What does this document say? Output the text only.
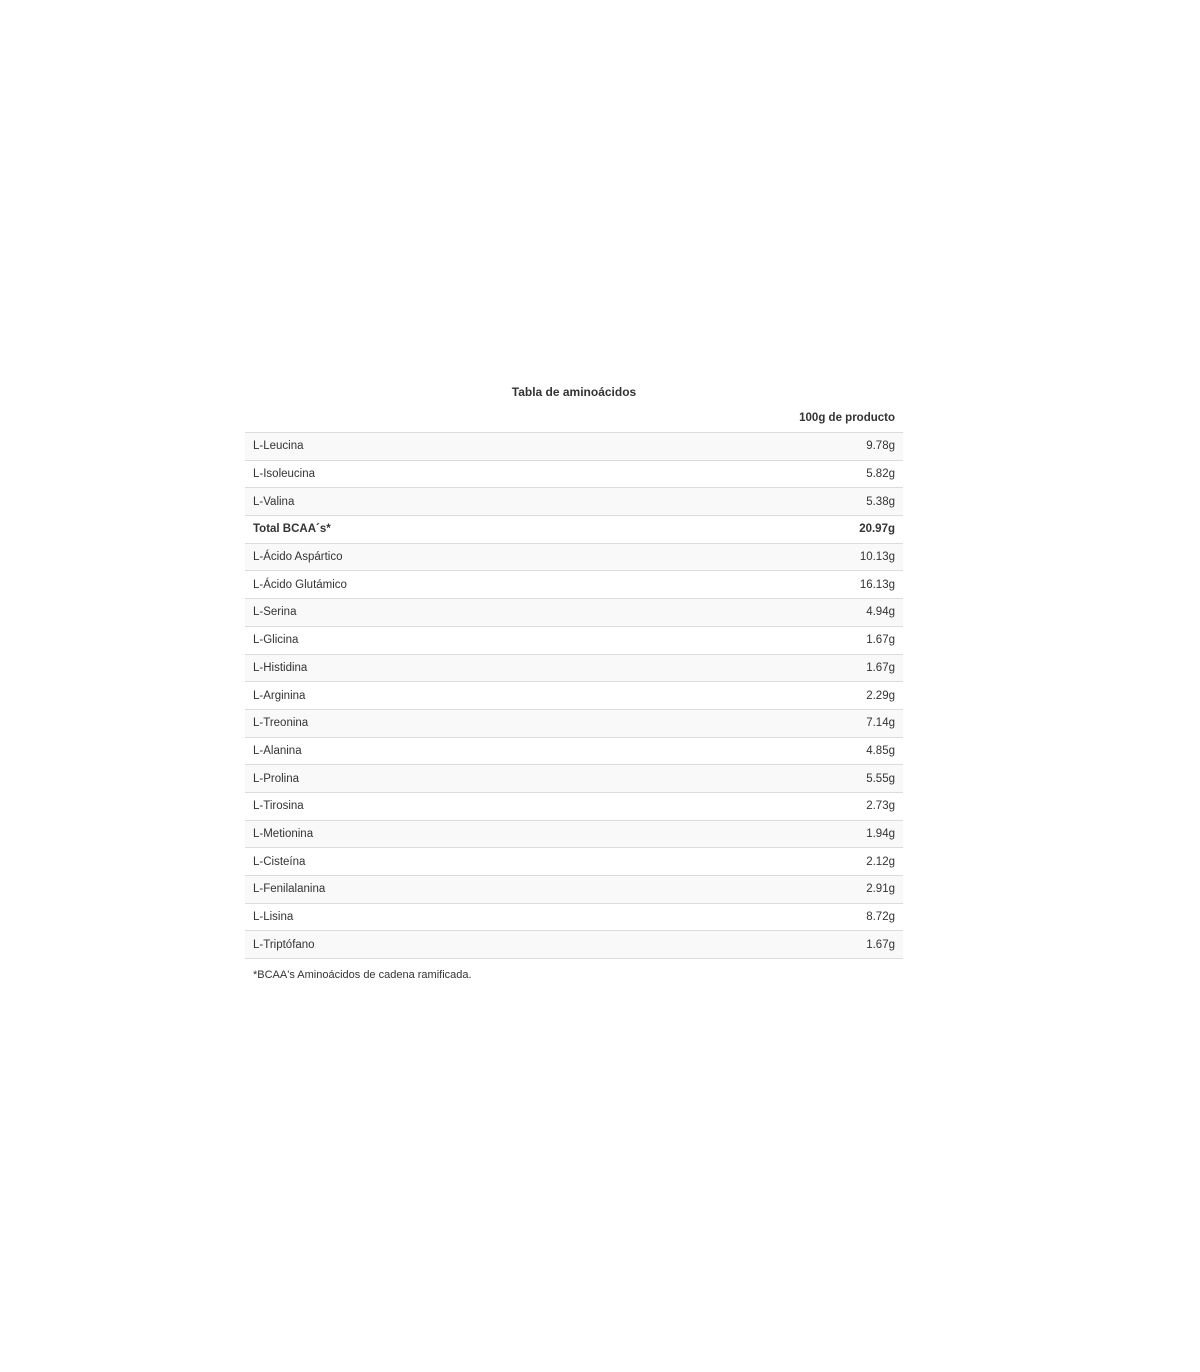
Tabla de aminoácidos
100g de producto
L-Leucina	9.78g
L-Isoleucina	5.82g
L-Valina	5.38g
Total BCAA´s*	20.97g
L-Ácido Aspártico	10.13g
L-Ácido Glutámico	16.13g
L-Serina	4.94g
L-Glicina	1.67g
L-Histidina	1.67g
L-Arginina	2.29g
L-Treonina	7.14g
L-Alanina	4.85g
L-Prolina	5.55g
L-Tirosina	2.73g
L-Metionina	1.94g
L-Cisteína	2.12g
L-Fenilalanina	2.91g
L-Lisina	8.72g
L-Triptófano	1.67g
*BCAA's Aminoácidos de cadena ramificada.
